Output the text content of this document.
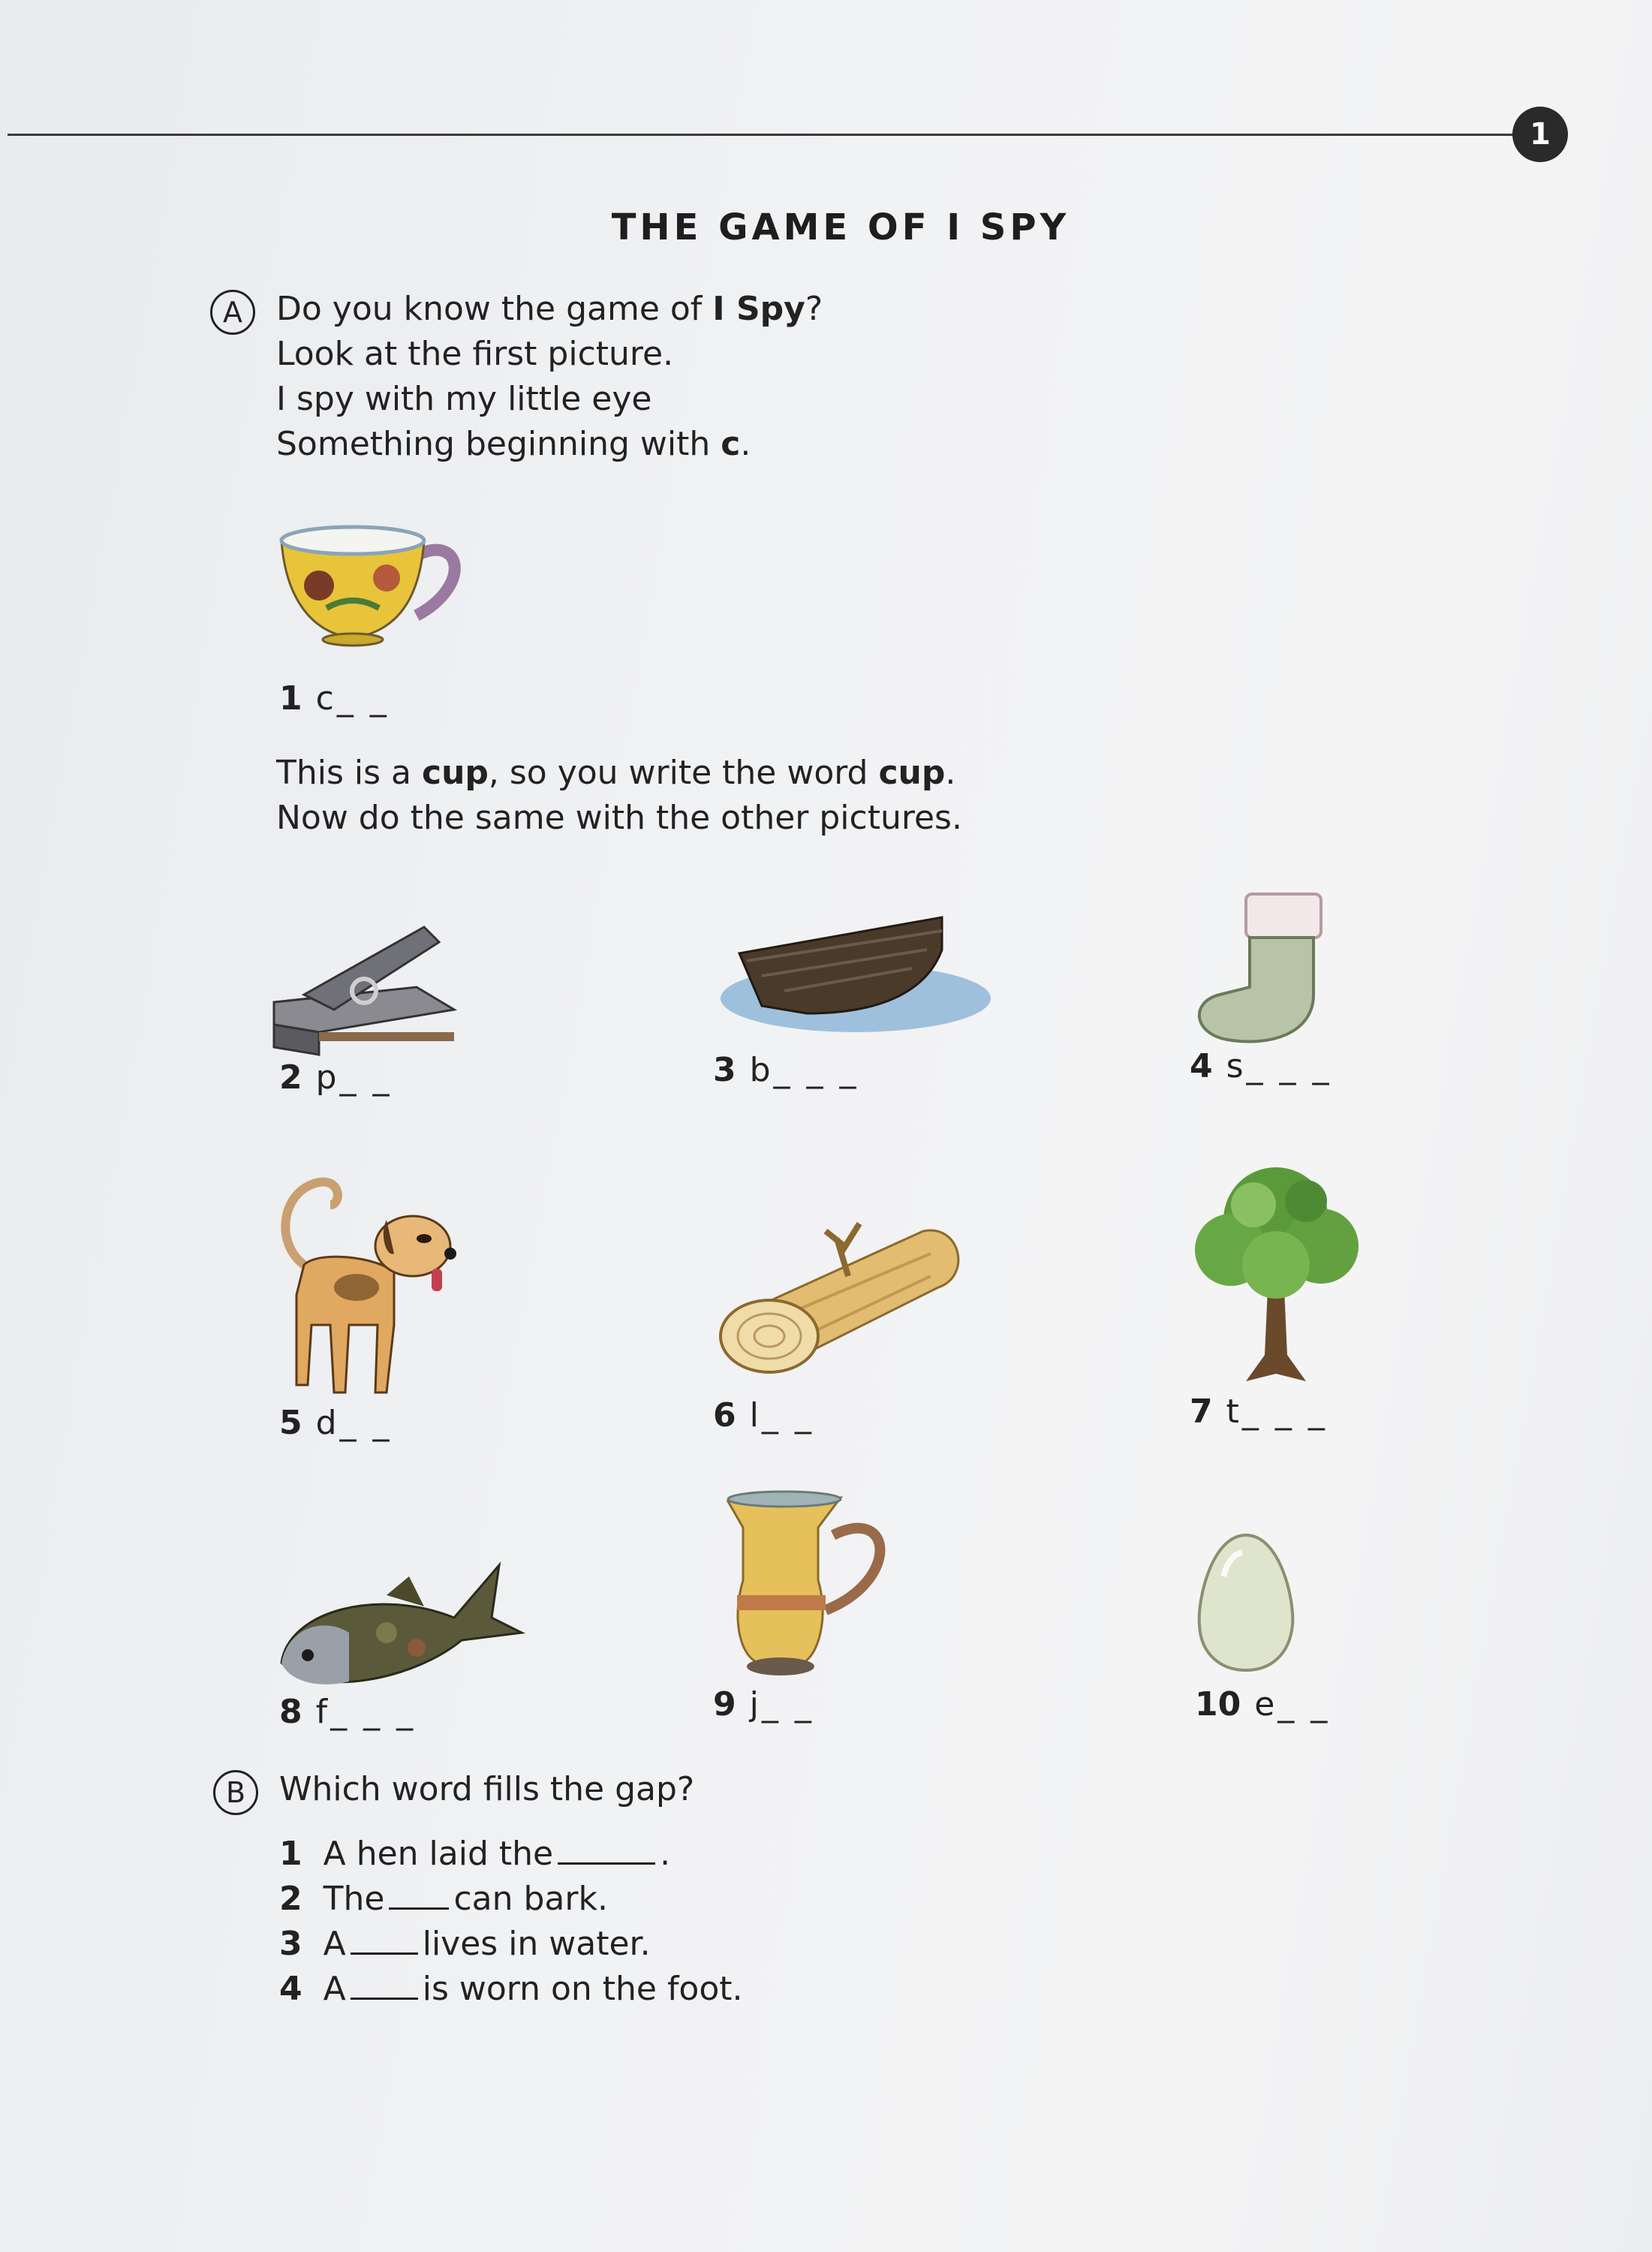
1
THE GAME OF I SPY
A	Do you know the game of I Spy?
Look at the first picture.
I spy with my little eye
Something beginning with c.
1 c_ _
This is a cup, so you write the word cup.
Now do the same with the other pictures.
2 p_ _	3 b_ _ _	4 s_ _ _
5 d_ _	6 l_ _	7 t_ _ _
8 f_ _ _	9 j_ _	10 e_ _
B	Which word fills the gap?
1 A hen laid the	.
2 The can bark.
3 A lives in water.
4 A is worn on the foot.
